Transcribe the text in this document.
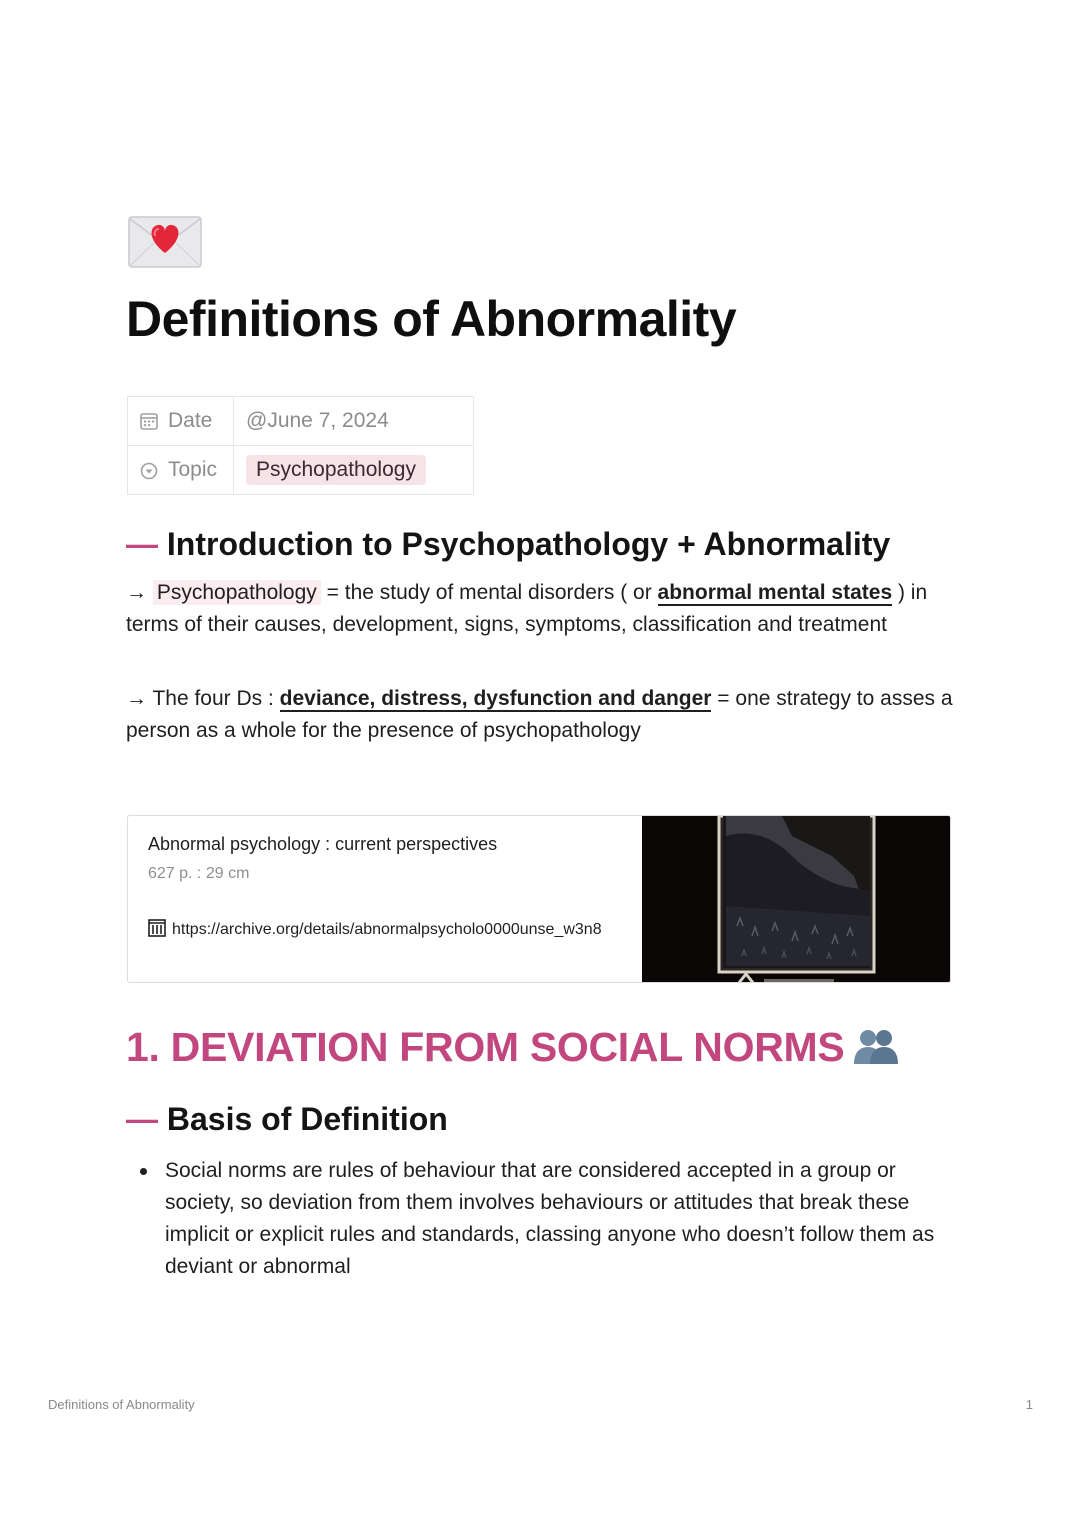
Definitions of Abnormality
Date	@June 7, 2024

Topic	Psychopathology
— Introduction to Psychopathology + Abnormality

→ Psychopathology = the study of mental disorders ( or abnormal mental states ) in terms of their causes, development, signs, symptoms, classification and treatment

→ The four Ds : deviance, distress, dysfunction and danger = one strategy to asses a person as a whole for the presence of psychopathology

Abnormal psychology : current perspectives
627 p. : 29 cm
https://archive.org/details/abnormalpsycholo0000unse_w3n8
1. DEVIATION FROM SOCIAL NORMS
— Basis of Definition
Social norms are rules of behaviour that are considered accepted in a group or society, so deviation from them involves behaviours or attitudes that break these implicit or explicit rules and standards, classing anyone who doesn’t follow them as deviant or abnormal
Definitions of Abnormality	1
